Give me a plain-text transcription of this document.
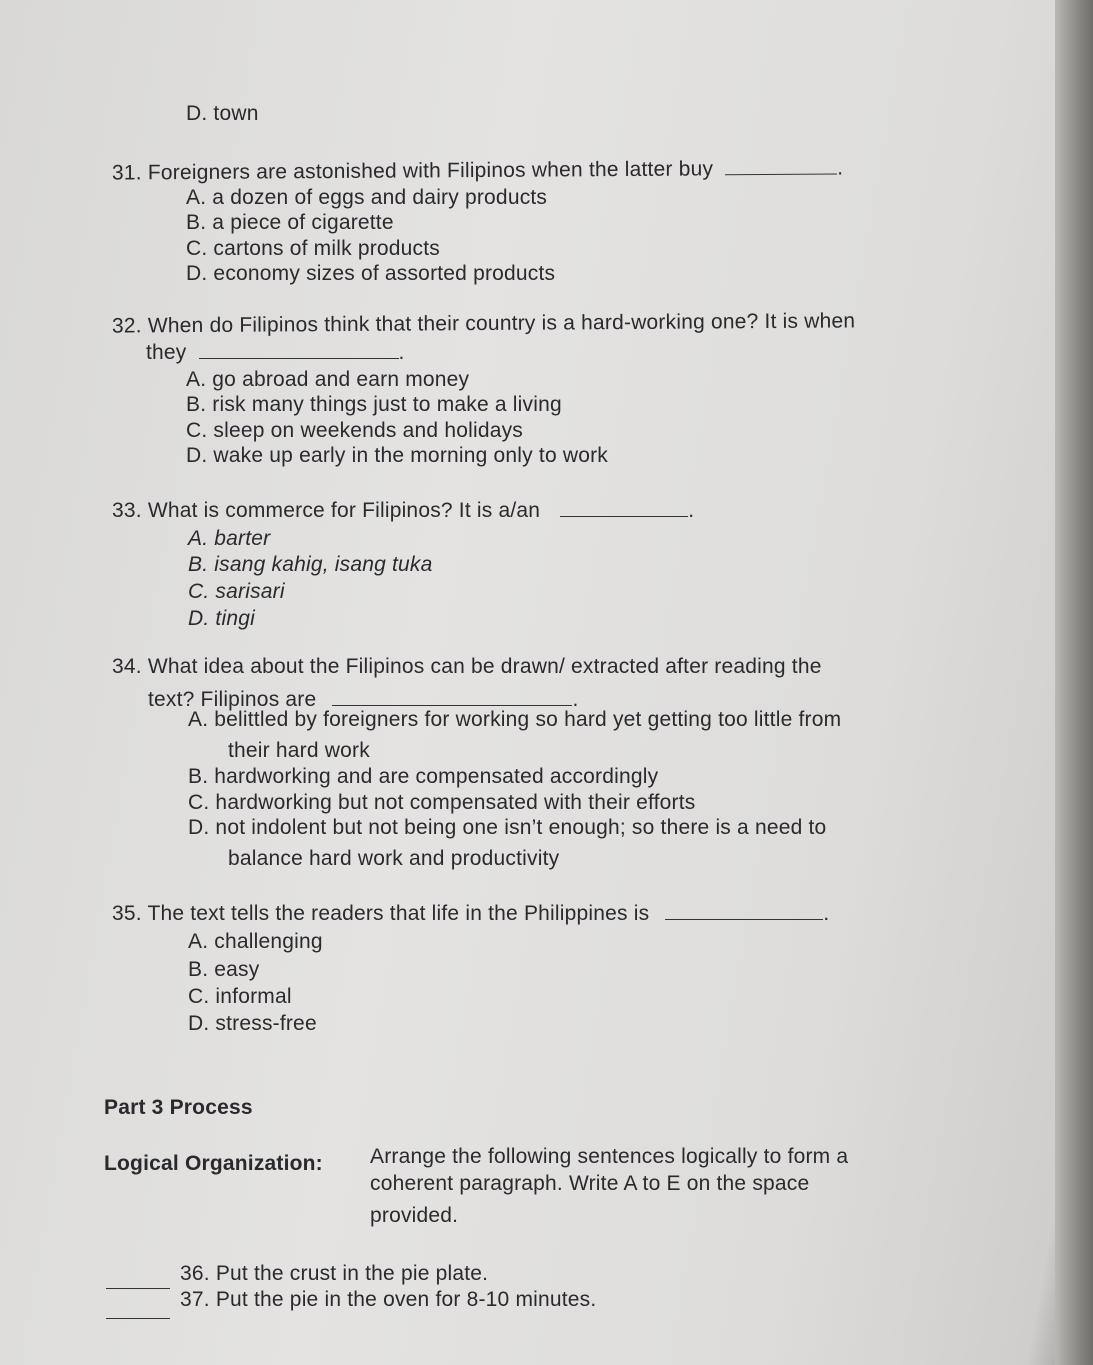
D. town
31. Foreigners are astonished with Filipinos when the latter buy	.
A. a dozen of eggs and dairy products
B. a piece of cigarette
C. cartons of milk products
D. economy sizes of assorted products
32. When do Filipinos think that their country is a hard-working one? It is when
they	.
A. go abroad and earn money
B. risk many things just to make a living
C. sleep on weekends and holidays
D. wake up early in the morning only to work
33. What is commerce for Filipinos? It is a/an	.
A. barter
B. isang kahig, isang tuka
C. sarisari
D. tingi
34. What idea about the Filipinos can be drawn/ extracted after reading the
text? Filipinos are	.
A. belittled by foreigners for working so hard yet getting too little from
their hard work
B. hardworking and are compensated accordingly
C. hardworking but not compensated with their efforts
D. not indolent but not being one isn’t enough; so there is a need to
balance hard work and productivity
35. The text tells the readers that life in the Philippines is	.
A. challenging
B. easy
C. informal
D. stress-free
Part 3 Process
Logical Organization: Arrange the following sentences logically to form a
coherent paragraph. Write A to E on the space
provided.
36. Put the crust in the pie plate.
37. Put the pie in the oven for 8-10 minutes.
